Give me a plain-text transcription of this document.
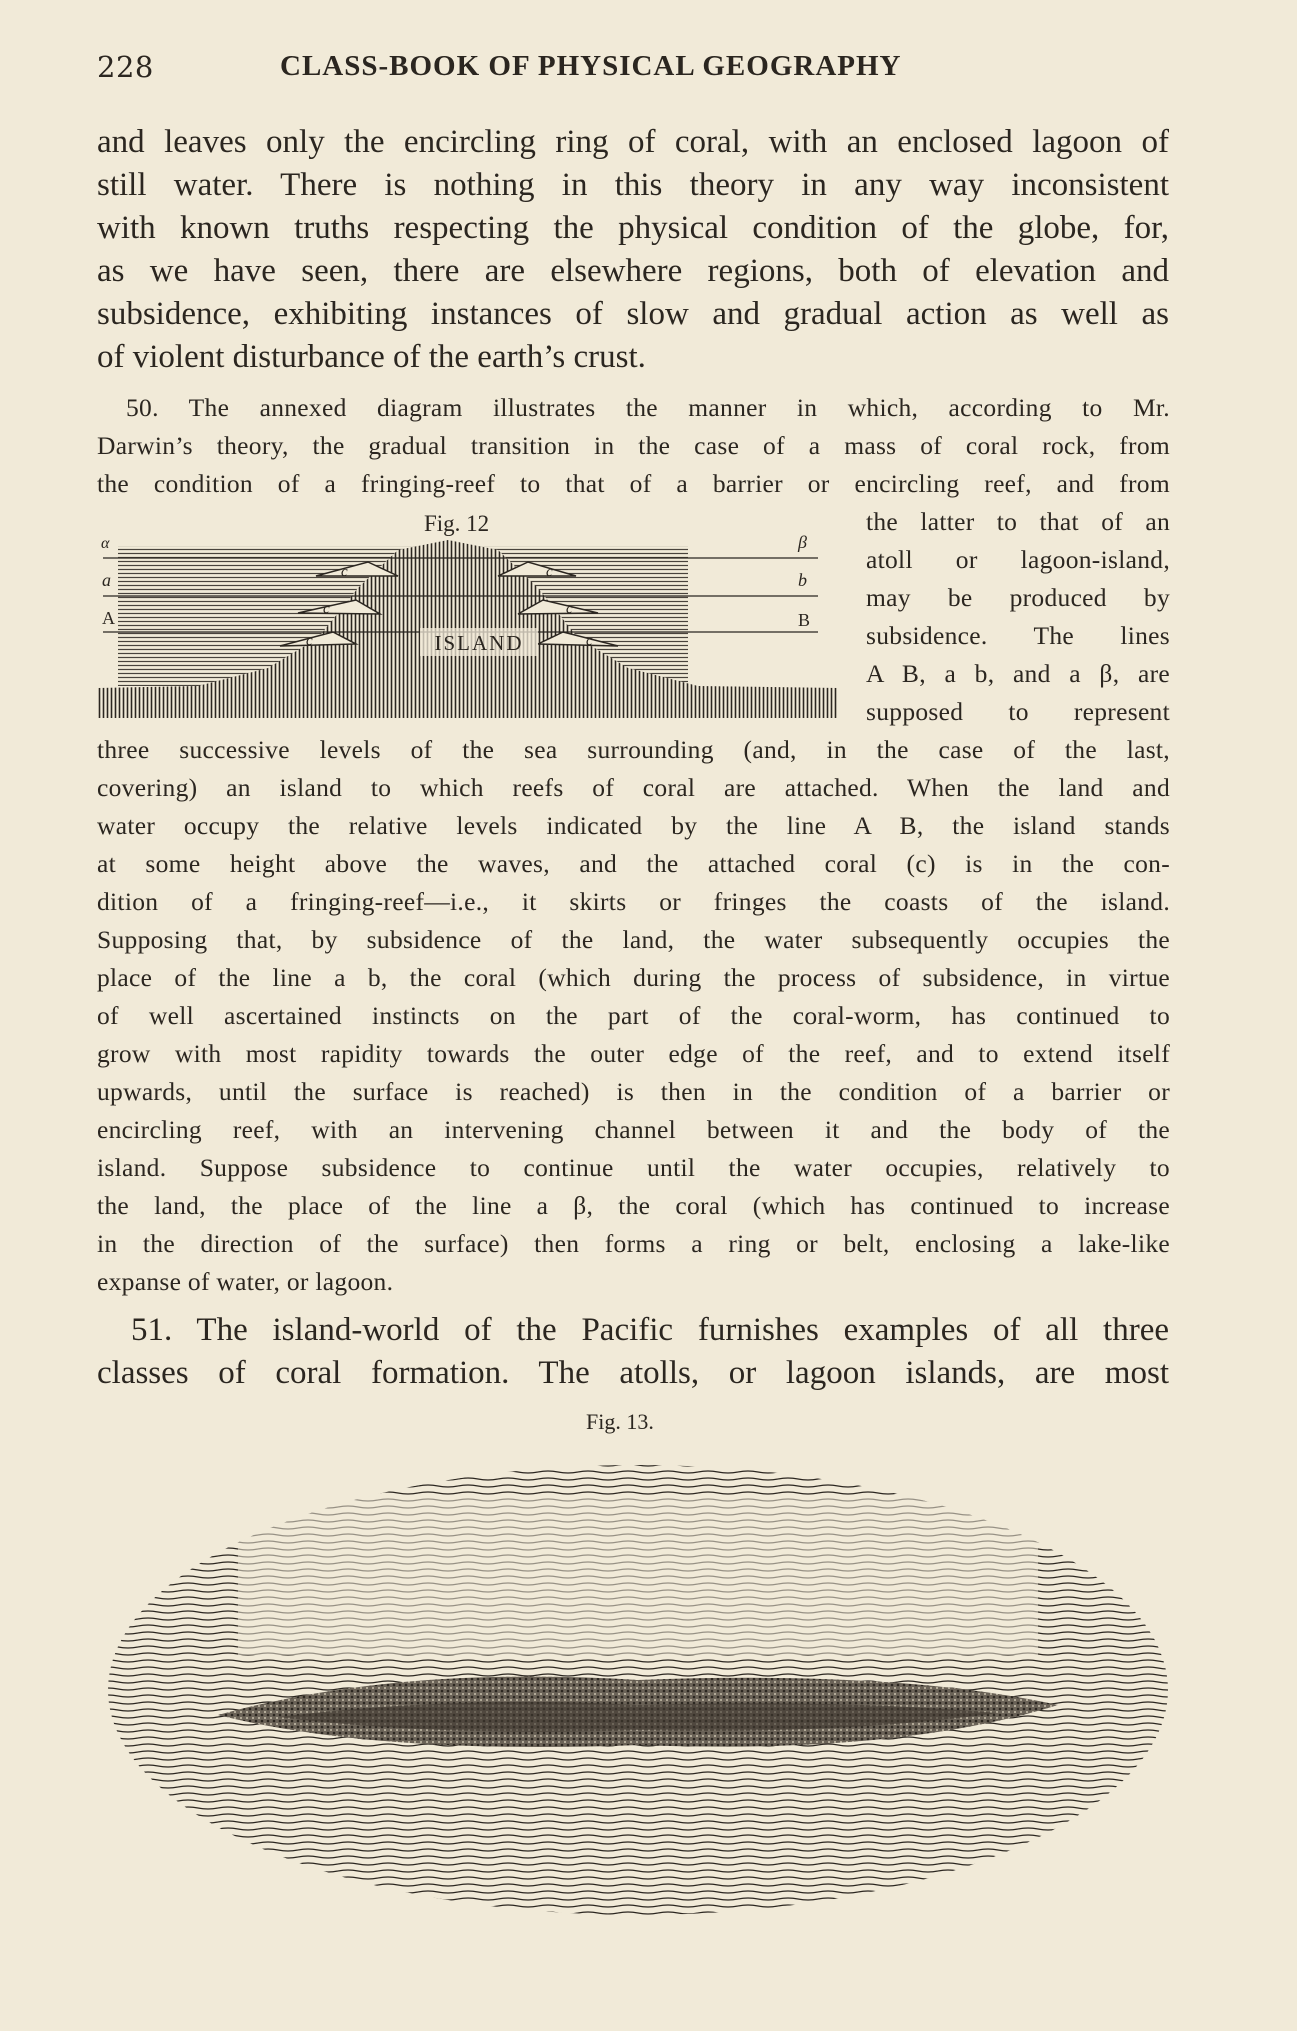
228	CLASS-BOOK OF PHYSICAL GEOGRAPHY
and leaves only the encircling ring of coral, with an enclosed lagoon of
still water. There is nothing in this theory in any way inconsistent
with known truths respecting the physical condition of the globe, for,
as we have seen, there are elsewhere regions, both of elevation and
subsidence, exhibiting instances of slow and gradual action as well as
of violent disturbance of the earth’s crust.
50. The annexed diagram illustrates the manner in which, according to Mr.
Darwin’s theory, the gradual transition in the case of a mass of coral rock, from
the condition of a fringing-reef to that of a barrier or encircling reef, and from
the latter to that of an
atoll or lagoon-island,
may be produced by
subsidence. The lines
A B, a b, and a β, are
supposed to represent
three successive levels of the sea surrounding (and, in the case of the last,
covering) an island to which reefs of coral are attached. When the land and
water occupy the relative levels indicated by the line A B, the island stands
at some height above the waves, and the attached coral (c) is in the con-
dition of a fringing-reef—i.e., it skirts or fringes the coasts of the island.
Supposing that, by subsidence of the land, the water subsequently occupies the
place of the line a b, the coral (which during the process of subsidence, in virtue
of well ascertained instincts on the part of the coral-worm, has continued to
grow with most rapidity towards the outer edge of the reef, and to extend itself
upwards, until the surface is reached) is then in the condition of a barrier or
encircling reef, with an intervening channel between it and the body of the
island. Suppose subsidence to continue until the water occupies, relatively to
the land, the place of the line a β, the coral (which has continued to increase
in the direction of the surface) then forms a ring or belt, enclosing a lake-like
expanse of water, or lagoon.
51. The island-world of the Pacific furnishes examples of all three
classes of coral formation. The atolls, or lagoon islands, are most
Fig. 12
ISLAND
α	β
a	b
A	B
c
c
c
c
c
c
Fig. 13.
